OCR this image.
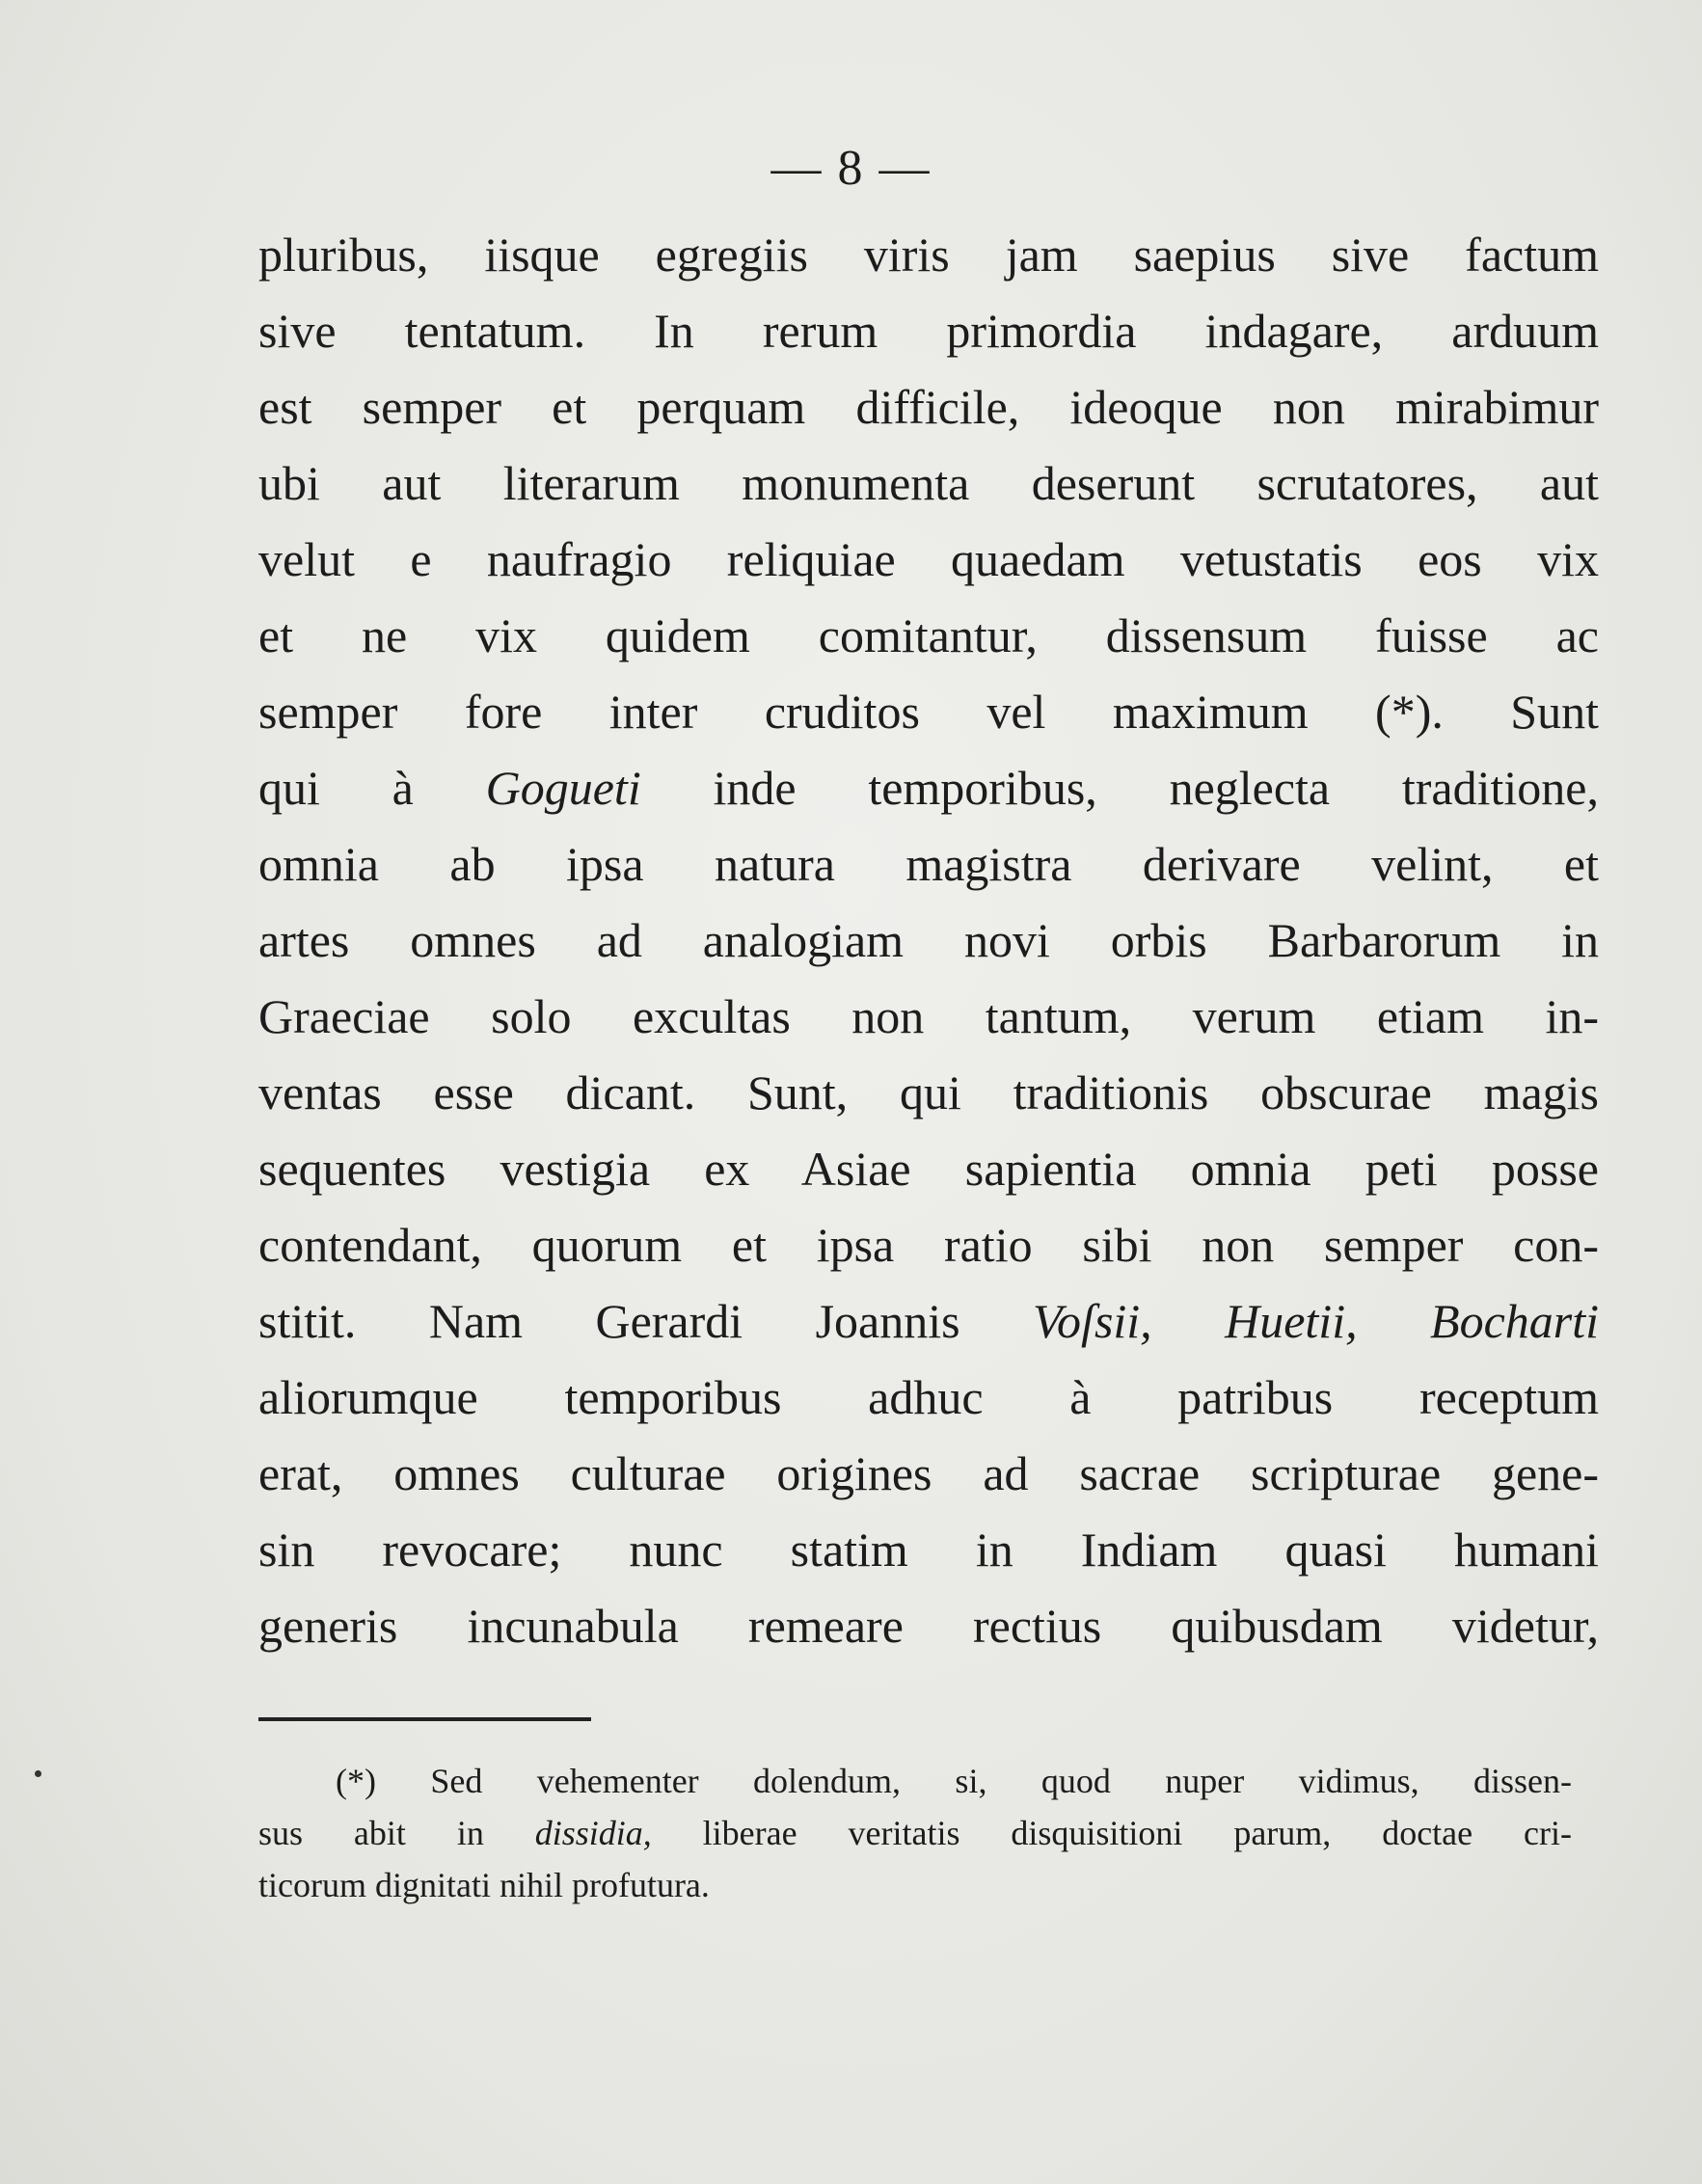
— 8 —
pluribus, iisque egregiis viris jam saepius sive factum
sive tentatum. In rerum primordia indagare, arduum
est semper et perquam difficile, ideoque non mirabimur
ubi aut literarum monumenta deserunt scrutatores, aut
velut e naufragio reliquiae quaedam vetustatis eos vix
et ne vix quidem comitantur, dissensum fuisse ac
semper fore inter cruditos vel maximum (*). Sunt
qui à Gogueti inde temporibus, neglecta traditione,
omnia ab ipsa natura magistra derivare velint, et
artes omnes ad analogiam novi orbis Barbarorum in
Graeciae solo excultas non tantum, verum etiam in-
ventas esse dicant. Sunt, qui traditionis obscurae magis
sequentes vestigia ex Asiae sapientia omnia peti posse
contendant, quorum et ipsa ratio sibi non semper con-
stitit. Nam Gerardi Joannis Voſsii, Huetii, Bocharti
aliorumque temporibus adhuc à patribus receptum
erat, omnes culturae origines ad sacrae scripturae gene-
sin revocare; nunc statim in Indiam quasi humani
generis incunabula remeare rectius quibusdam videtur,
(*) Sed vehementer dolendum, si, quod nuper vidimus, dissen-
sus abit in dissidia, liberae veritatis disquisitioni parum, doctae cri-
ticorum dignitati nihil profutura.
